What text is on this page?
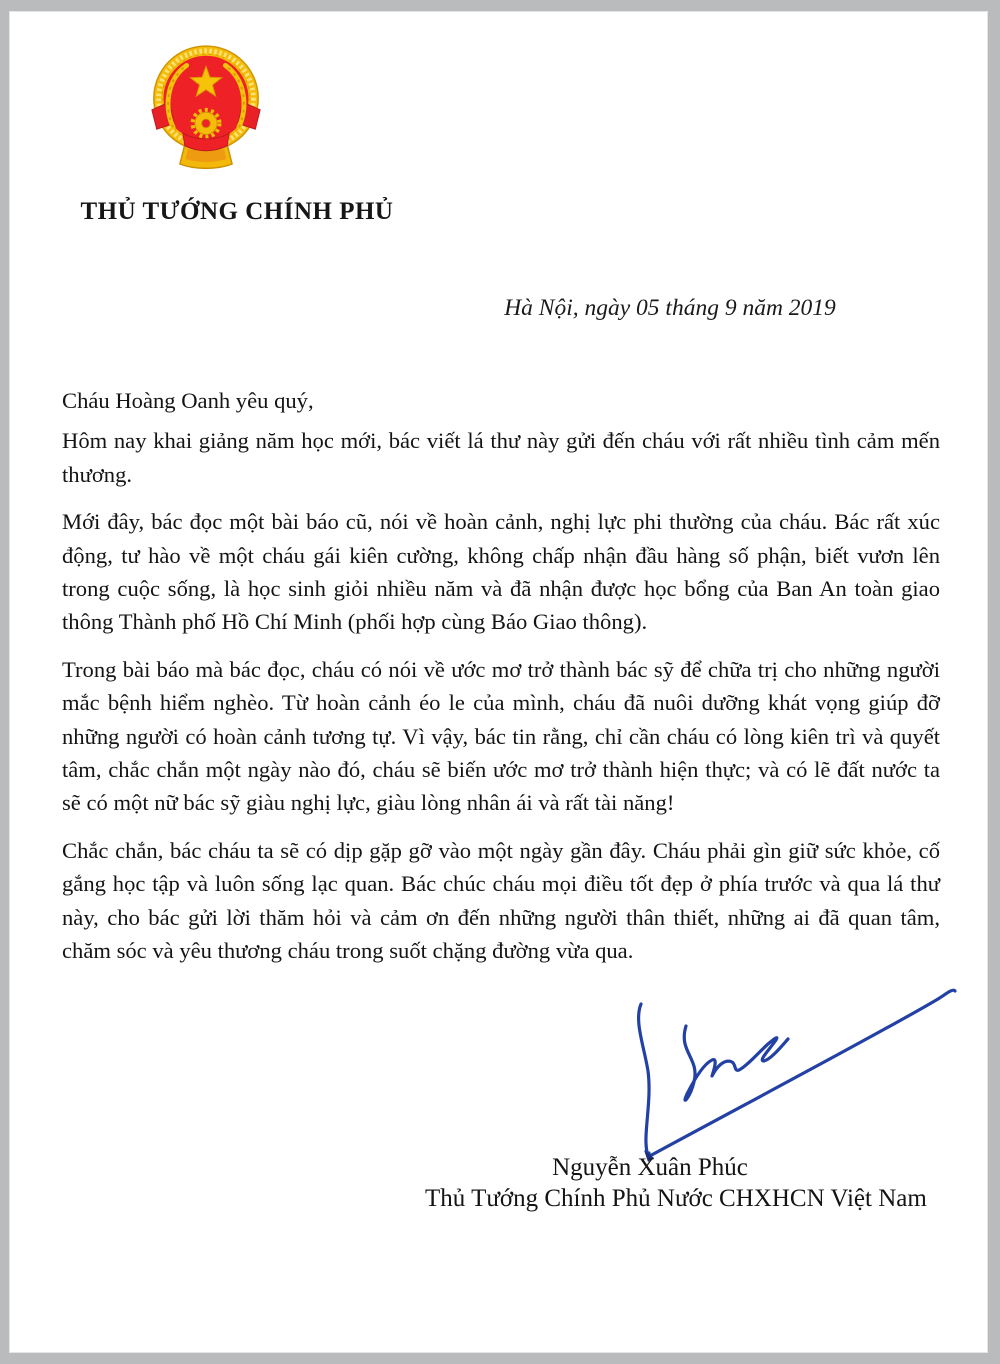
THỦ TƯỚNG CHÍNH PHỦ
Hà Nội, ngày 05 tháng 9 năm 2019

Cháu Hoàng Oanh yêu quý,

Hôm nay khai giảng năm học mới, bác viết lá thư này gửi đến cháu với rất nhiều tình cảm mến thương.

Mới đây, bác đọc một bài báo cũ, nói về hoàn cảnh, nghị lực phi thường của cháu. Bác rất xúc động, tư hào về một cháu gái kiên cường, không chấp nhận đầu hàng số phận, biết vươn lên trong cuộc sống, là học sinh giỏi nhiều năm và đã nhận được học bổng của Ban An toàn giao thông Thành phố Hồ Chí Minh (phối hợp cùng Báo Giao thông).

Trong bài báo mà bác đọc, cháu có nói về ước mơ trở thành bác sỹ để chữa trị cho những người mắc bệnh hiểm nghèo. Từ hoàn cảnh éo le của mình, cháu đã nuôi dưỡng khát vọng giúp đỡ những người có hoàn cảnh tương tự. Vì vậy, bác tin rằng, chỉ cần cháu có lòng kiên trì và quyết tâm, chắc chắn một ngày nào đó, cháu sẽ biến ước mơ trở thành hiện thực; và có lẽ đất nước ta sẽ có một nữ bác sỹ giàu nghị lực, giàu lòng nhân ái và rất tài năng!

Chắc chắn, bác cháu ta sẽ có dịp gặp gỡ vào một ngày gần đây. Cháu phải gìn giữ sức khỏe, cố gắng học tập và luôn sống lạc quan. Bác chúc cháu mọi điều tốt đẹp ở phía trước và qua lá thư này, cho bác gửi lời thăm hỏi và cảm ơn đến những người thân thiết, những ai đã quan tâm, chăm sóc và yêu thương cháu trong suốt chặng đường vừa qua.

Nguyễn Xuân Phúc

Thủ Tướng Chính Phủ Nước CHXHCN Việt Nam
